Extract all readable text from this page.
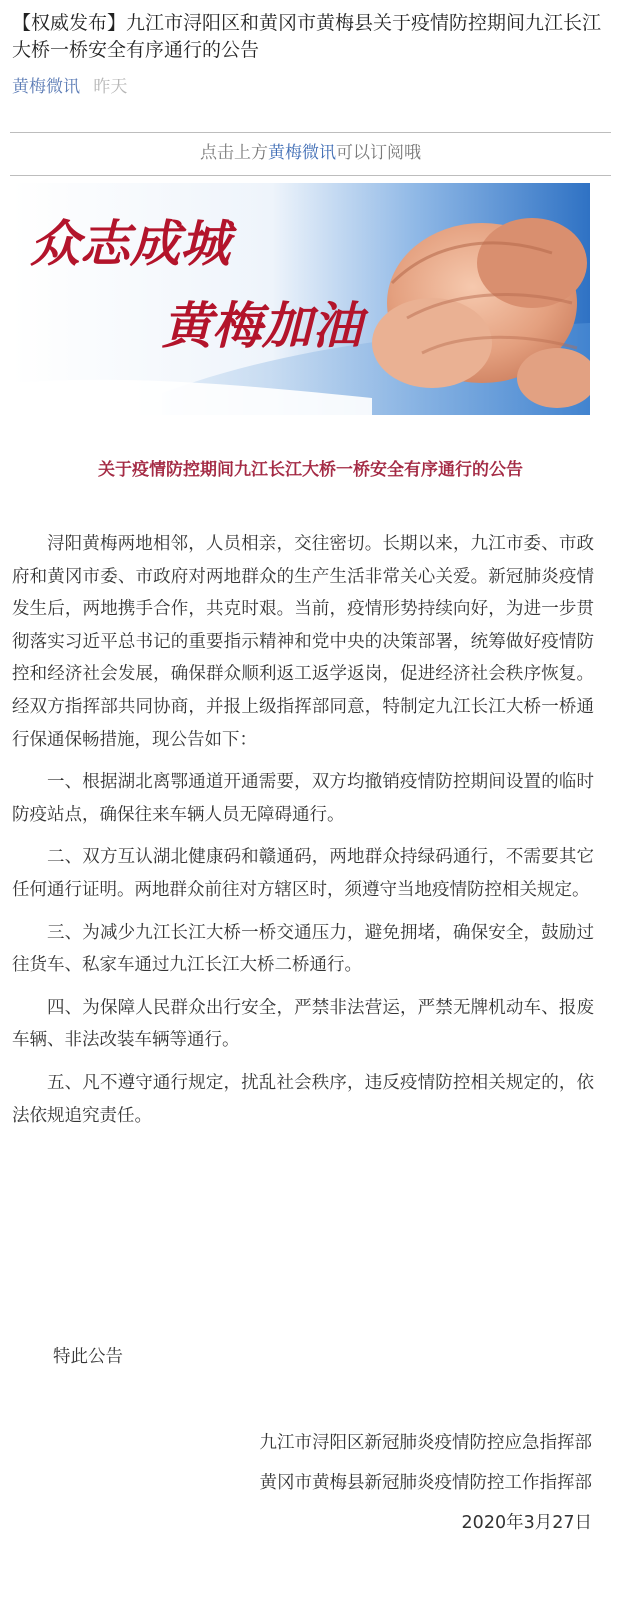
【权威发布】九江市浔阳区和黄冈市黄梅县关于疫情防控期间九江长江大桥一桥安全有序通行的公告
黄梅微讯 昨天
点击上方黄梅微讯可以订阅哦
众志成城
黄梅加油
关于疫情防控期间九江长江大桥一桥安全有序通行的公告

浔阳黄梅两地相邻，人员相亲，交往密切。长期以来，九江市委、市政府和黄冈市委、市政府对两地群众的生产生活非常关心关爱。新冠肺炎疫情发生后，两地携手合作，共克时艰。当前，疫情形势持续向好，为进一步贯彻落实习近平总书记的重要指示精神和党中央的决策部署，统筹做好疫情防控和经济社会发展，确保群众顺利返工返学返岗，促进经济社会秩序恢复。经双方指挥部共同协商，并报上级指挥部同意，特制定九江长江大桥一桥通行保通保畅措施，现公告如下：

一、根据湖北离鄂通道开通需要，双方均撤销疫情防控期间设置的临时防疫站点，确保往来车辆人员无障碍通行。

二、双方互认湖北健康码和赣通码，两地群众持绿码通行，不需要其它任何通行证明。两地群众前往对方辖区时，须遵守当地疫情防控相关规定。

三、为减少九江长江大桥一桥交通压力，避免拥堵，确保安全，鼓励过往货车、私家车通过九江长江大桥二桥通行。

四、为保障人民群众出行安全，严禁非法营运，严禁无牌机动车、报废车辆、非法改装车辆等通行。

五、凡不遵守通行规定，扰乱社会秩序，违反疫情防控相关规定的，依法依规追究责任。

特此公告
九江市浔阳区新冠肺炎疫情防控应急指挥部
黄冈市黄梅县新冠肺炎疫情防控工作指挥部
2020年3月27日
